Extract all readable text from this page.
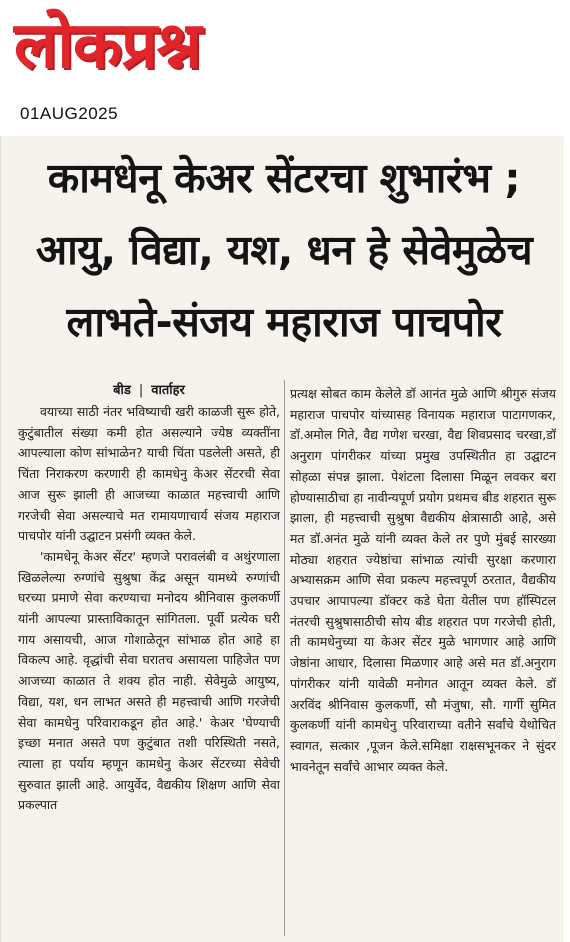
लोकप्रश्न
01AUG2025
कामधेनू केअर सेंटरचा शुभारंभ ;
आयु, विद्या, यश, धन हे सेवेमुळेच
लाभते-संजय महाराज पाचपोर
बीड | वार्ताहर

वयाच्या साठी नंतर भविष्याची खरी काळजी सुरू होते, कुटुंबातील संख्या कमी होत असल्याने ज्येष्ठ व्यक्तींना आपल्याला कोण सांभाळेन? याची चिंता पडलेली असते, ही चिंता निराकरण करणारी ही कामधेनु केअर सेंटरची सेवा आज सुरू झाली ही आजच्या काळात महत्त्वाची आणि गरजेची सेवा असल्याचे मत रामायणाचार्य संजय महाराज पाचपोर यांनी उद्घाटन प्रसंगी व्यक्त केले.

'कामधेनू केअर सेंटर' म्हणजे परावलंबी व अथुंरणाला खिळलेल्या रुग्णांचे सुश्रुषा केंद्र असून यामध्ये रुग्णांची घरच्या प्रमाणे सेवा करण्याचा मनोदय श्रीनिवास कुलकर्णी यांनी आपल्या प्रास्ताविकातून सांगितला. पूर्वी प्रत्येक घरी गाय असायची, आज गोशाळेतून सांभाळ होत आहे हा विकल्प आहे. वृद्धांची सेवा घरातच असायला पाहिजेत पण आजच्या काळात ते शक्य होत नाही. सेवेमुळे आयुष्य, विद्या, यश, धन लाभत असते ही महत्त्वाची आणि गरजेची सेवा कामधेनु परिवाराकडून होत आहे.' केअर 'घेण्याची इच्छा मनात असते पण कुटुंबात तशी परिस्थिती नसते, त्याला हा पर्याय म्हणून कामधेनु केअर सेंटरच्या सेवेची सुरुवात झाली आहे. आयुर्वेद, वैद्यकीय शिक्षण आणि सेवा प्रकल्पात

प्रत्यक्ष सोबत काम केलेले डॉ आनंत मुळे आणि श्रीगुरु संजय महाराज पाचपोर यांच्यासह विनायक महाराज पाटागणकर, डॉ.अमोल गिते, वैद्य गणेश चरखा, वैद्य शिवप्रसाद चरखा,डॉ अनुराग पांगरीकर यांच्या प्रमुख उपस्थितीत हा उद्घाटन सोहळा संपन्न झाला. पेशंटला दिलासा मिळून लवकर बरा होण्यासाठीचा हा नावीन्यपूर्ण प्रयोग प्रथमच बीड शहरात सुरू झाला, ही महत्त्वाची सुश्रुषा वैद्यकीय क्षेत्रासाठी आहे, असे मत डॉ.अनंत मुळे यांनी व्यक्त केले तर पुणे मुंबई सारख्या मोठ्या शहरात ज्येष्ठांचा सांभाळ त्यांची सुरक्षा करणारा अभ्यासक्रम आणि सेवा प्रकल्प महत्त्वपूर्ण ठरतात, वैद्यकीय उपचार आपापल्या डॉक्टर कडे घेता येतील पण हॉस्पिटल नंतरची सुश्रुषासाठीची सोय बीड शहरात पण गरजेची होती, ती कामधेनुच्या या केअर सेंटर मुळे भागणार आहे आणि जेष्ठांना आधार, दिलासा मिळणार आहे असे मत डॉ.अनुराग पांगरीकर यांनी यावेळी मनोगत आतून व्यक्त केले. डॉ अरविंद श्रीनिवास कुलकर्णी, सौ मंजुषा, सौ. गार्गी सुमित कुलकर्णी यांनी कामधेनु परिवाराच्या वतीने सर्वांचे येथोचित स्वागत, सत्कार ,पूजन केले.समिक्षा राक्षसभूनकर ने सुंदर भावनेतून सर्वांचे आभार व्यक्त केले.
